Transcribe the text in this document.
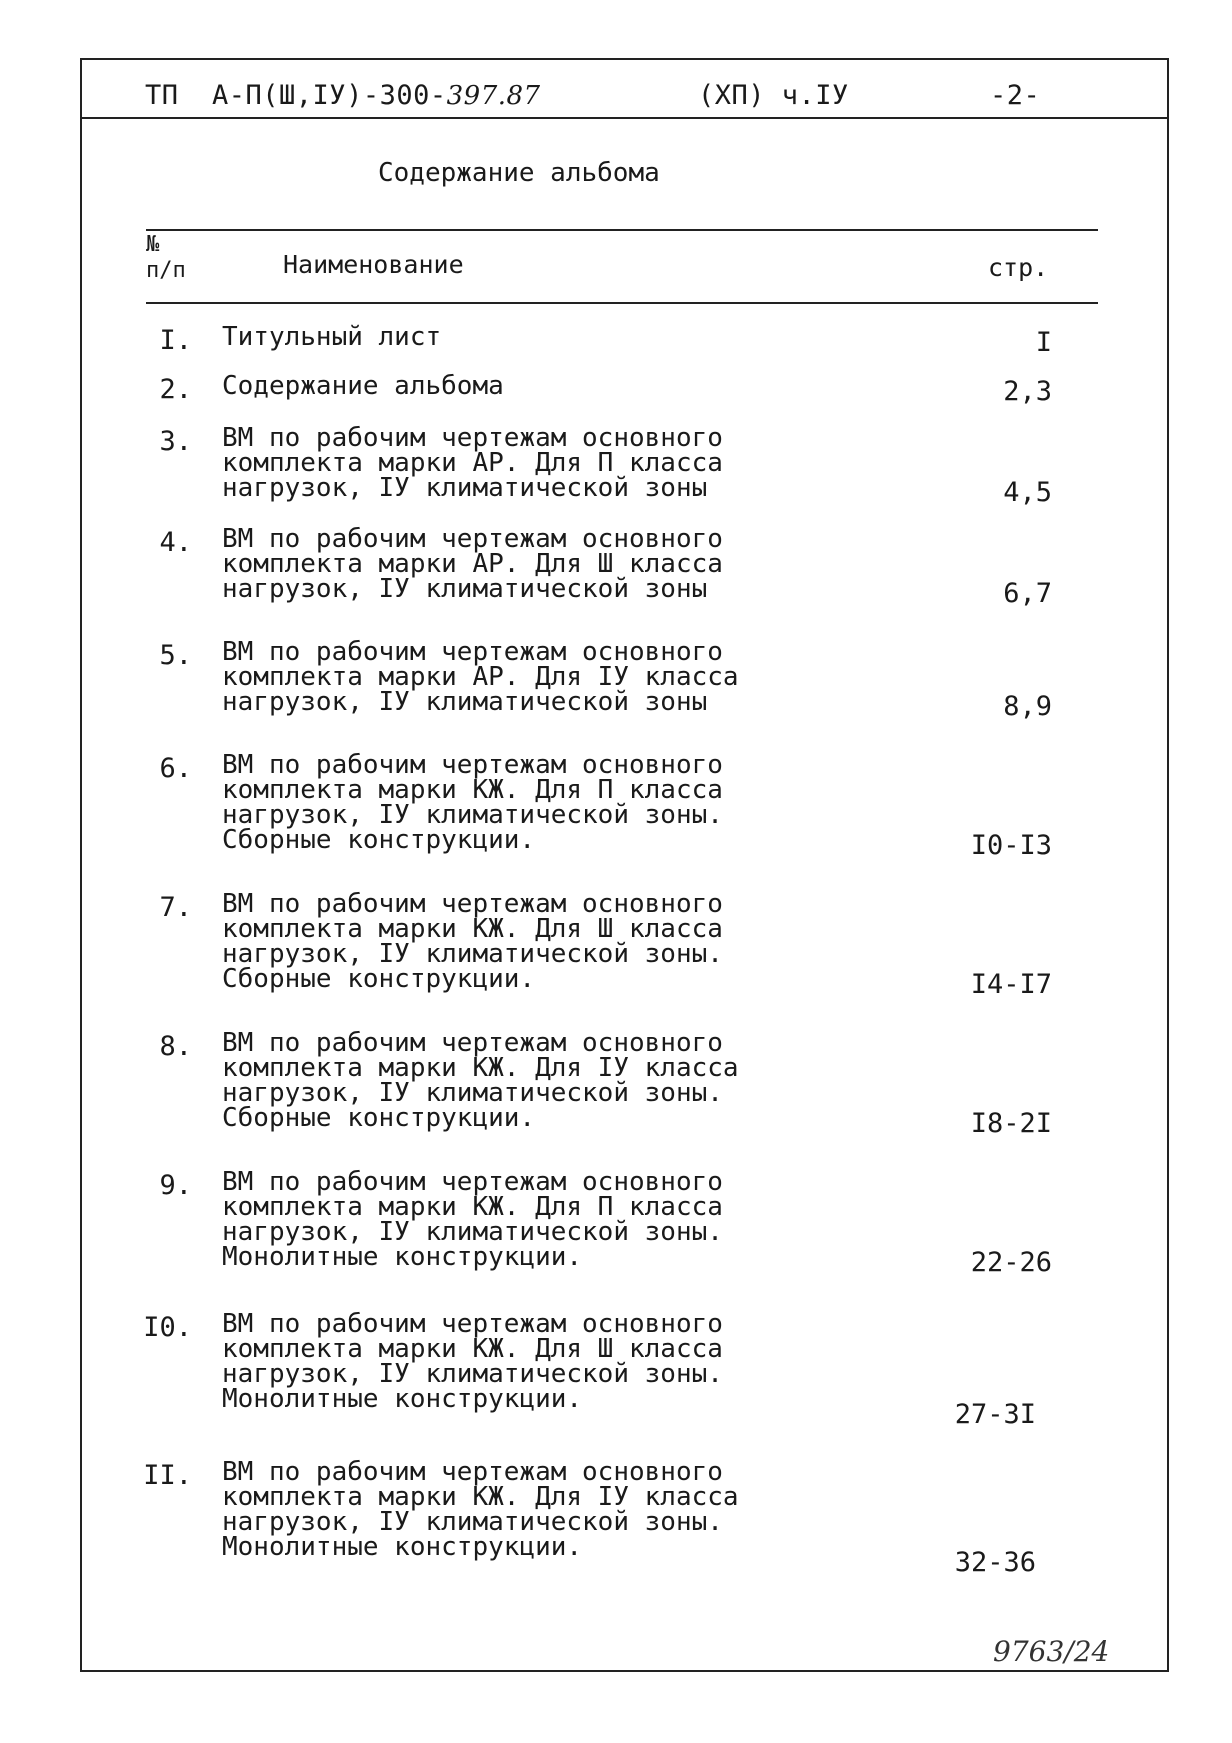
ТП  А-П(Ш,IУ)-300-397.87	(ХП) ч.IУ	-2-
Содержание альбома
№
п/п	Наименование	стр.
I. Титульный лист	I
2. Содержание альбома	2,3
3. ВМ по рабочим чертежам основного
комплекта марки АР. Для П класса
нагрузок, IУ климатической зоны	4,5
4. ВМ по рабочим чертежам основного
комплекта марки АР. Для Ш класса
нагрузок, IУ климатической зоны	6,7
5. ВМ по рабочим чертежам основного
комплекта марки АР. Для IУ класса
нагрузок, IУ климатической зоны	8,9
6. ВМ по рабочим чертежам основного
комплекта марки КЖ. Для П класса
нагрузок, IУ климатической зоны.
Сборные конструкции.	I0-I3
7. ВМ по рабочим чертежам основного
комплекта марки КЖ. Для Ш класса
нагрузок, IУ климатической зоны.
Сборные конструкции.	I4-I7
8. ВМ по рабочим чертежам основного
комплекта марки КЖ. Для IУ класса
нагрузок, IУ климатической зоны.
Сборные конструкции.	I8-2I
9. ВМ по рабочим чертежам основного
комплекта марки КЖ. Для П класса
нагрузок, IУ климатической зоны.
Монолитные конструкции.	22-26
I0. ВМ по рабочим чертежам основного
комплекта марки КЖ. Для Ш класса
нагрузок, IУ климатической зоны.
Монолитные конструкции.	27-3I
II. ВМ по рабочим чертежам основного
комплекта марки КЖ. Для IУ класса
нагрузок, IУ климатической зоны.
Монолитные конструкции.	32-36
9763/24
